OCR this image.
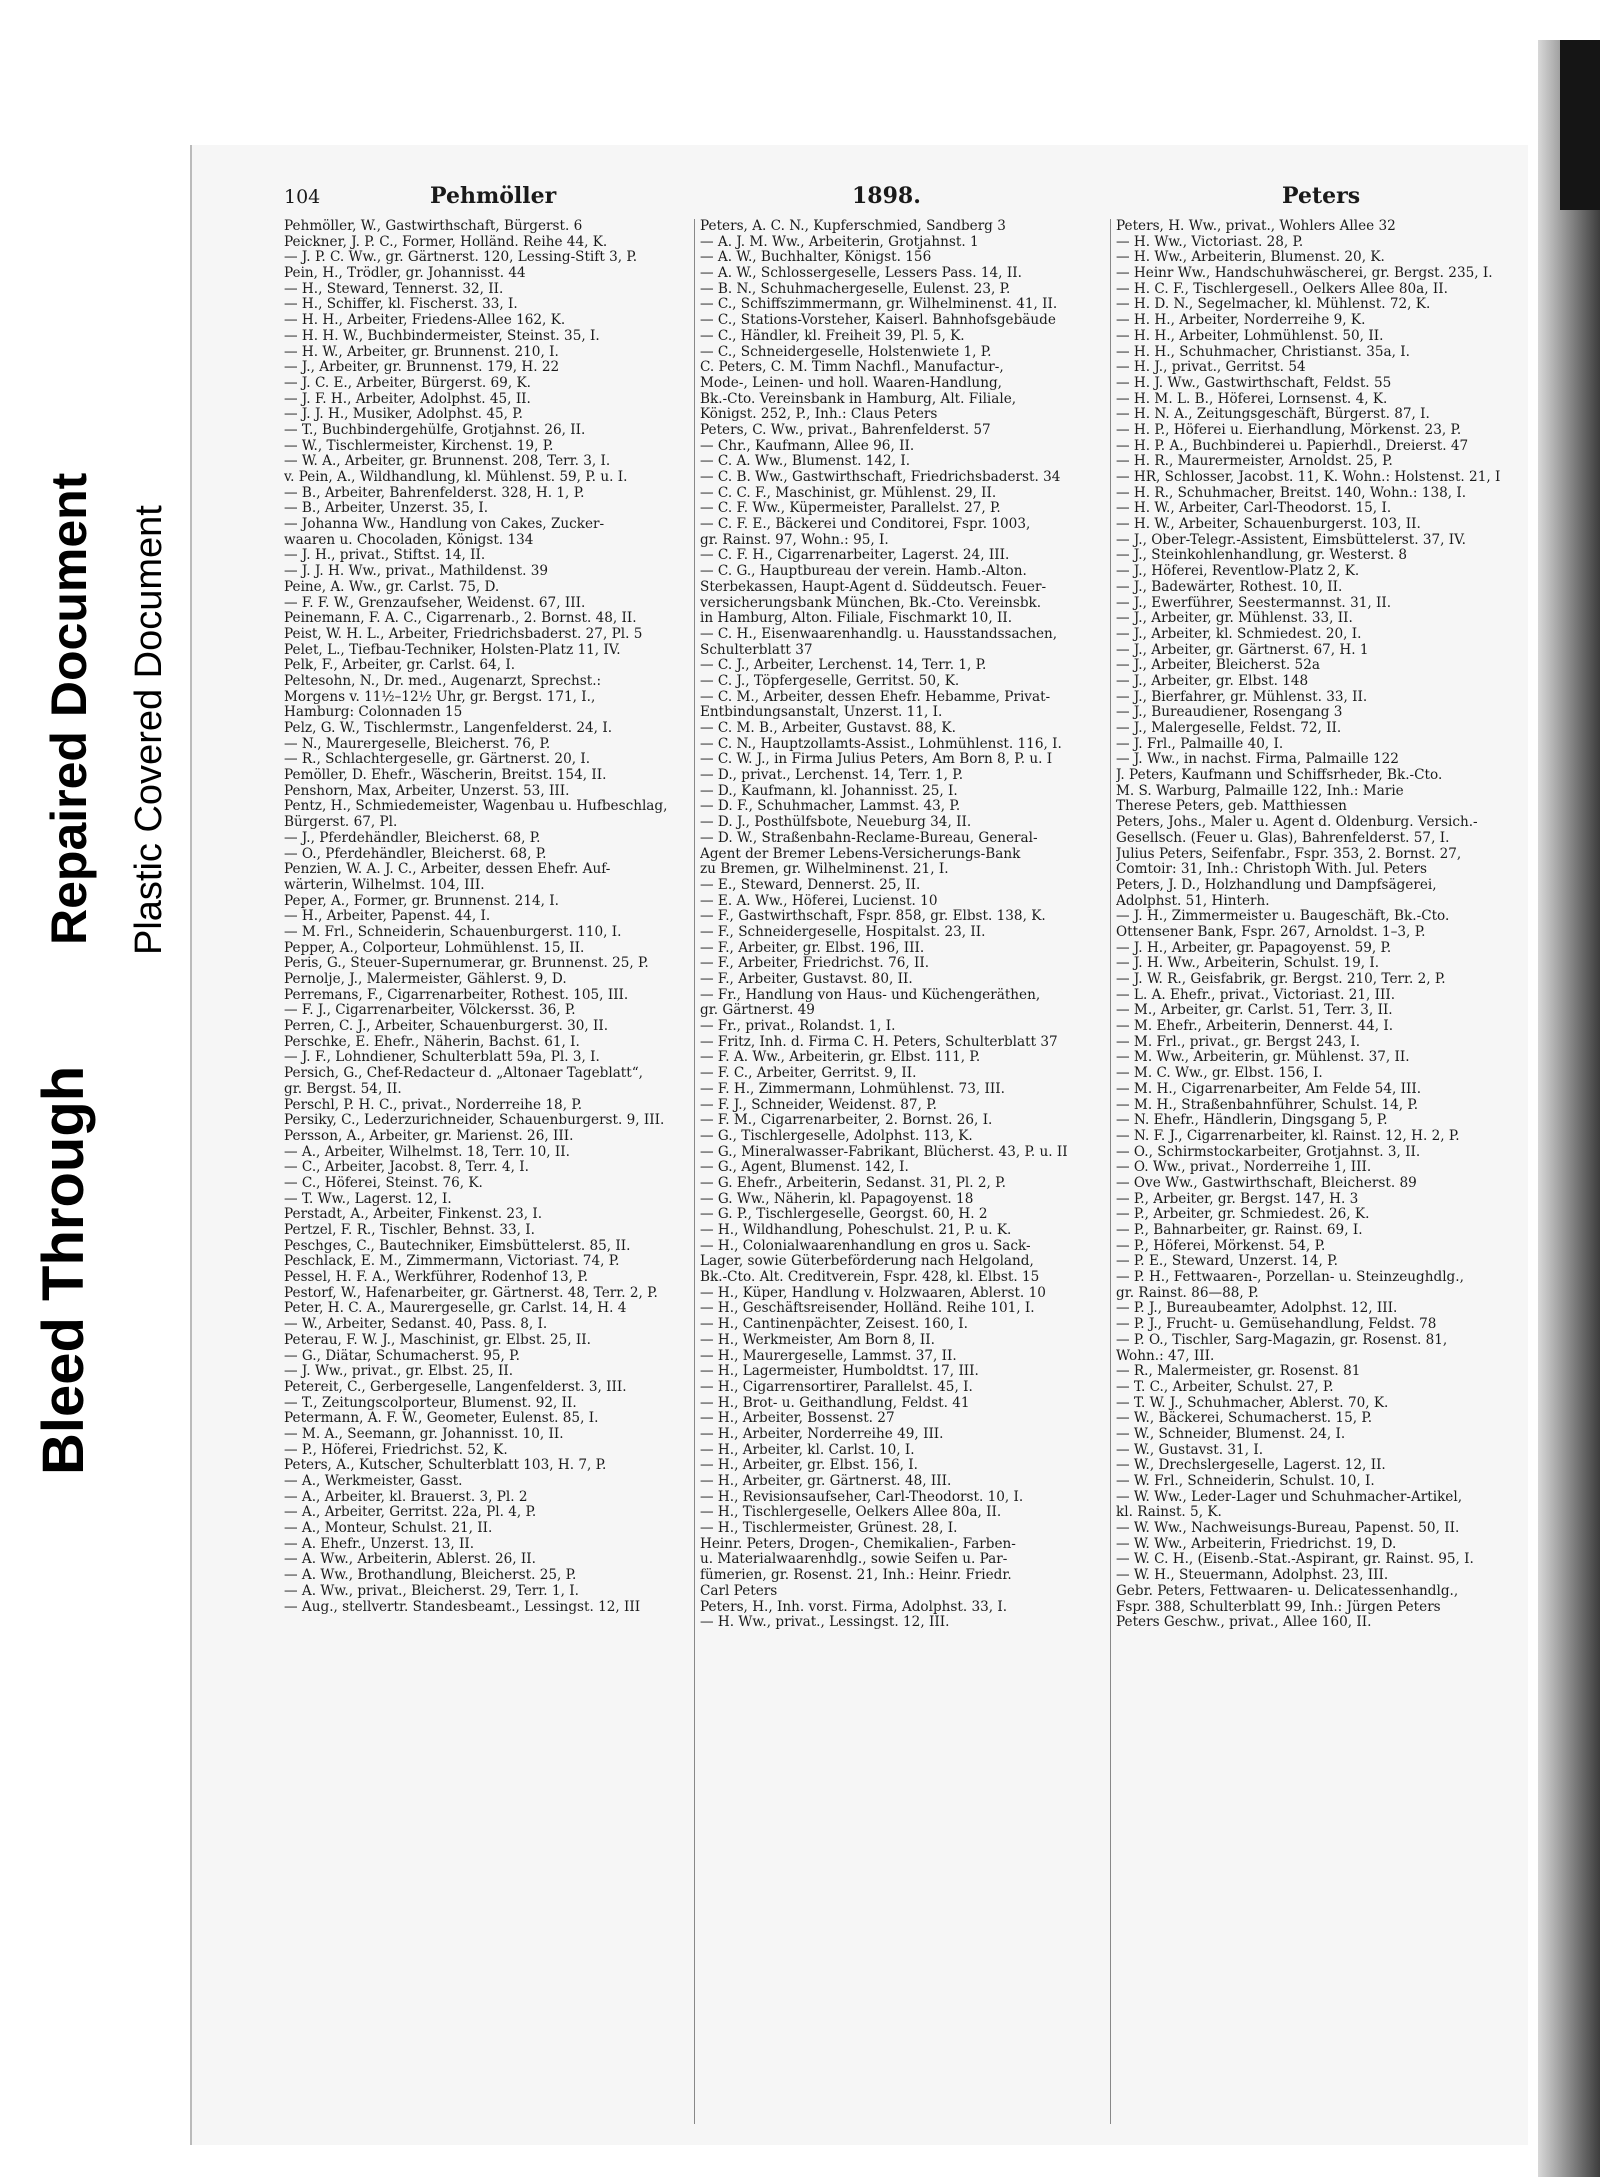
Bleed Through
Repaired Document Plastic Covered Document
104	Pehmöller	1898.	Peters
Pehmöller, W., Gastwirthschaft, Bürgerst. 6
Peickner, J. P. C., Former, Holländ. Reihe 44, K.
— J. P. C. Ww., gr. Gärtnerst. 120, Lessing-Stift 3, P.
Pein, H., Trödler, gr. Johannisst. 44
— H., Steward, Tennerst. 32, II.
— H., Schiffer, kl. Fischerst. 33, I.
— H. H., Arbeiter, Friedens-Allee 162, K.
— H. H. W., Buchbindermeister, Steinst. 35, I.
— H. W., Arbeiter, gr. Brunnenst. 210, I.
— J., Arbeiter, gr. Brunnenst. 179, H. 22
— J. C. E., Arbeiter, Bürgerst. 69, K.
— J. F. H., Arbeiter, Adolphst. 45, II.
— J. J. H., Musiker, Adolphst. 45, P.
— T., Buchbindergehülfe, Grotjahnst. 26, II.
— W., Tischlermeister, Kirchenst. 19, P.
— W. A., Arbeiter, gr. Brunnenst. 208, Terr. 3, I.
v. Pein, A., Wildhandlung, kl. Mühlenst. 59, P. u. I.
— B., Arbeiter, Bahrenfelderst. 328, H. 1, P.
— B., Arbeiter, Unzerst. 35, I.
— Johanna Ww., Handlung von Cakes, Zucker-
waaren u. Chocoladen, Königst. 134
— J. H., privat., Stiftst. 14, II.
— J. J. H. Ww., privat., Mathildenst. 39
Peine, A. Ww., gr. Carlst. 75, D.
— F. F. W., Grenzaufseher, Weidenst. 67, III.
Peinemann, F. A. C., Cigarrenarb., 2. Bornst. 48, II.
Peist, W. H. L., Arbeiter, Friedrichsbaderst. 27, Pl. 5
Pelet, L., Tiefbau-Techniker, Holsten-Platz 11, IV.
Pelk, F., Arbeiter, gr. Carlst. 64, I.
Peltesohn, N., Dr. med., Augenarzt, Sprechst.:
Morgens v. 11½–12½ Uhr, gr. Bergst. 171, I.,
Hamburg: Colonnaden 15
Pelz, G. W., Tischlermstr., Langenfelderst. 24, I.
— N., Maurergeselle, Bleicherst. 76, P.
— R., Schlachtergeselle, gr. Gärtnerst. 20, I.
Pemöller, D. Ehefr., Wäscherin, Breitst. 154, II.
Penshorn, Max, Arbeiter, Unzerst. 53, III.
Pentz, H., Schmiedemeister, Wagenbau u. Hufbeschlag,
Bürgerst. 67, Pl.
— J., Pferdehändler, Bleicherst. 68, P.
— O., Pferdehändler, Bleicherst. 68, P.
Penzien, W. A. J. C., Arbeiter, dessen Ehefr. Auf-
wärterin, Wilhelmst. 104, III.
Peper, A., Former, gr. Brunnenst. 214, I.
— H., Arbeiter, Papenst. 44, I.
— M. Frl., Schneiderin, Schauenburgerst. 110, I.
Pepper, A., Colporteur, Lohmühlenst. 15, II.
Peris, G., Steuer-Supernumerar, gr. Brunnenst. 25, P.
Pernolje, J., Malermeister, Gählerst. 9, D.
Perremans, F., Cigarrenarbeiter, Rothest. 105, III.
— F. J., Cigarrenarbeiter, Völckersst. 36, P.
Perren, C. J., Arbeiter, Schauenburgerst. 30, II.
Perschke, E. Ehefr., Näherin, Bachst. 61, I.
— J. F., Lohndiener, Schulterblatt 59a, Pl. 3, I.
Persich, G., Chef-Redacteur d. „Altonaer Tageblatt“,
gr. Bergst. 54, II.
Perschl, P. H. C., privat., Norderreihe 18, P.
Persiky, C., Lederzurichneider, Schauenburgerst. 9, III.
Persson, A., Arbeiter, gr. Marienst. 26, III.
— A., Arbeiter, Wilhelmst. 18, Terr. 10, II.
— C., Arbeiter, Jacobst. 8, Terr. 4, I.
— C., Höferei, Steinst. 76, K.
— T. Ww., Lagerst. 12, I.
Perstadt, A., Arbeiter, Finkenst. 23, I.
Pertzel, F. R., Tischler, Behnst. 33, I.
Peschges, C., Bautechniker, Eimsbüttelerst. 85, II.
Peschlack, E. M., Zimmermann, Victoriast. 74, P.
Pessel, H. F. A., Werkführer, Rodenhof 13, P.
Pestorf, W., Hafenarbeiter, gr. Gärtnerst. 48, Terr. 2, P.
Peter, H. C. A., Maurergeselle, gr. Carlst. 14, H. 4
— W., Arbeiter, Sedanst. 40, Pass. 8, I.
Peterau, F. W. J., Maschinist, gr. Elbst. 25, II.
— G., Diätar, Schumacherst. 95, P.
— J. Ww., privat., gr. Elbst. 25, II.
Petereit, C., Gerbergeselle, Langenfelderst. 3, III.
— T., Zeitungscolporteur, Blumenst. 92, II.
Petermann, A. F. W., Geometer, Eulenst. 85, I.
— M. A., Seemann, gr. Johannisst. 10, II.
— P., Höferei, Friedrichst. 52, K.
Peters, A., Kutscher, Schulterblatt 103, H. 7, P.
— A., Werkmeister, Gasst.
— A., Arbeiter, kl. Brauerst. 3, Pl. 2
— A., Arbeiter, Gerritst. 22a, Pl. 4, P.
— A., Monteur, Schulst. 21, II.
— A. Ehefr., Unzerst. 13, II.
— A. Ww., Arbeiterin, Ablerst. 26, II.
— A. Ww., Brothandlung, Bleicherst. 25, P.
— A. Ww., privat., Bleicherst. 29, Terr. 1, I.
— Aug., stellvertr. Standesbeamt., Lessingst. 12, III
Peters, A. C. N., Kupferschmied, Sandberg 3
— A. J. M. Ww., Arbeiterin, Grotjahnst. 1
— A. W., Buchhalter, Königst. 156
— A. W., Schlossergeselle, Lessers Pass. 14, II.
— B. N., Schuhmachergeselle, Eulenst. 23, P.
— C., Schiffszimmermann, gr. Wilhelminenst. 41, II.
— C., Stations-Vorsteher, Kaiserl. Bahnhofsgebäude
— C., Händler, kl. Freiheit 39, Pl. 5, K.
— C., Schneidergeselle, Holstenwiete 1, P.
C. Peters, C. M. Timm Nachfl., Manufactur-,
Mode-, Leinen- und holl. Waaren-Handlung,
Bk.-Cto. Vereinsbank in Hamburg, Alt. Filiale,
Königst. 252, P., Inh.: Claus Peters
Peters, C. Ww., privat., Bahrenfelderst. 57
— Chr., Kaufmann, Allee 96, II.
— C. A. Ww., Blumenst. 142, I.
— C. B. Ww., Gastwirthschaft, Friedrichsbaderst. 34
— C. C. F., Maschinist, gr. Mühlenst. 29, II.
— C. F. Ww., Küpermeister, Parallelst. 27, P.
— C. F. E., Bäckerei und Conditorei, Fspr. 1003,
gr. Rainst. 97, Wohn.: 95, I.
— C. F. H., Cigarrenarbeiter, Lagerst. 24, III.
— C. G., Hauptbureau der verein. Hamb.-Alton.
Sterbekassen, Haupt-Agent d. Süddeutsch. Feuer-
versicherungsbank München, Bk.-Cto. Vereinsbk.
in Hamburg, Alton. Filiale, Fischmarkt 10, II.
— C. H., Eisenwaarenhandlg. u. Hausstandssachen,
Schulterblatt 37
— C. J., Arbeiter, Lerchenst. 14, Terr. 1, P.
— C. J., Töpfergeselle, Gerritst. 50, K.
— C. M., Arbeiter, dessen Ehefr. Hebamme, Privat-
Entbindungsanstalt, Unzerst. 11, I.
— C. M. B., Arbeiter, Gustavst. 88, K.
— C. N., Hauptzollamts-Assist., Lohmühlenst. 116, I.
— C. W. J., in Firma Julius Peters, Am Born 8, P. u. I
— D., privat., Lerchenst. 14, Terr. 1, P.
— D., Kaufmann, kl. Johannisst. 25, I.
— D. F., Schuhmacher, Lammst. 43, P.
— D. J., Posthülfsbote, Neueburg 34, II.
— D. W., Straßenbahn-Reclame-Bureau, General-
Agent der Bremer Lebens-Versicherungs-Bank
zu Bremen, gr. Wilhelminenst. 21, I.
— E., Steward, Dennerst. 25, II.
— E. A. Ww., Höferei, Lucienst. 10
— F., Gastwirthschaft, Fspr. 858, gr. Elbst. 138, K.
— F., Schneidergeselle, Hospitalst. 23, II.
— F., Arbeiter, gr. Elbst. 196, III.
— F., Arbeiter, Friedrichst. 76, II.
— F., Arbeiter, Gustavst. 80, II.
— Fr., Handlung von Haus- und Küchengeräthen,
gr. Gärtnerst. 49
— Fr., privat., Rolandst. 1, I.
— Fritz, Inh. d. Firma C. H. Peters, Schulterblatt 37
— F. A. Ww., Arbeiterin, gr. Elbst. 111, P.
— F. C., Arbeiter, Gerritst. 9, II.
— F. H., Zimmermann, Lohmühlenst. 73, III.
— F. J., Schneider, Weidenst. 87, P.
— F. M., Cigarrenarbeiter, 2. Bornst. 26, I.
— G., Tischlergeselle, Adolphst. 113, K.
— G., Mineralwasser-Fabrikant, Blücherst. 43, P. u. II
— G., Agent, Blumenst. 142, I.
— G. Ehefr., Arbeiterin, Sedanst. 31, Pl. 2, P.
— G. Ww., Näherin, kl. Papagoyenst. 18
— G. P., Tischlergeselle, Georgst. 60, H. 2
— H., Wildhandlung, Poheschulst. 21, P. u. K.
— H., Colonialwaarenhandlung en gros u. Sack-
Lager, sowie Güterbeförderung nach Helgoland,
Bk.-Cto. Alt. Creditverein, Fspr. 428, kl. Elbst. 15
— H., Küper, Handlung v. Holzwaaren, Ablerst. 10
— H., Geschäftsreisender, Holländ. Reihe 101, I.
— H., Cantinenpächter, Zeisest. 160, I.
— H., Werkmeister, Am Born 8, II.
— H., Maurergeselle, Lammst. 37, II.
— H., Lagermeister, Humboldtst. 17, III.
— H., Cigarrensortirer, Parallelst. 45, I.
— H., Brot- u. Geithandlung, Feldst. 41
— H., Arbeiter, Bossenst. 27
— H., Arbeiter, Norderreihe 49, III.
— H., Arbeiter, kl. Carlst. 10, I.
— H., Arbeiter, gr. Elbst. 156, I.
— H., Arbeiter, gr. Gärtnerst. 48, III.
— H., Revisionsaufseher, Carl-Theodorst. 10, I.
— H., Tischlergeselle, Oelkers Allee 80a, II.
— H., Tischlermeister, Grünest. 28, I.
Heinr. Peters, Drogen-, Chemikalien-, Farben-
u. Materialwaarenhdlg., sowie Seifen u. Par-
fümerien, gr. Rosenst. 21, Inh.: Heinr. Friedr.
Carl Peters
Peters, H., Inh. vorst. Firma, Adolphst. 33, I.
— H. Ww., privat., Lessingst. 12, III.
Peters, H. Ww., privat., Wohlers Allee 32
— H. Ww., Victoriast. 28, P.
— H. Ww., Arbeiterin, Blumenst. 20, K.
— Heinr Ww., Handschuhwäscherei, gr. Bergst. 235, I.
— H. C. F., Tischlergesell., Oelkers Allee 80a, II.
— H. D. N., Segelmacher, kl. Mühlenst. 72, K.
— H. H., Arbeiter, Norderreihe 9, K.
— H. H., Arbeiter, Lohmühlenst. 50, II.
— H. H., Schuhmacher, Christianst. 35a, I.
— H. J., privat., Gerritst. 54
— H. J. Ww., Gastwirthschaft, Feldst. 55
— H. M. L. B., Höferei, Lornsenst. 4, K.
— H. N. A., Zeitungsgeschäft, Bürgerst. 87, I.
— H. P., Höferei u. Eierhandlung, Mörkenst. 23, P.
— H. P. A., Buchbinderei u. Papierhdl., Dreierst. 47
— H. R., Maurermeister, Arnoldst. 25, P.
— HR, Schlosser, Jacobst. 11, K. Wohn.: Holstenst. 21, I
— H. R., Schuhmacher, Breitst. 140, Wohn.: 138, I.
— H. W., Arbeiter, Carl-Theodorst. 15, I.
— H. W., Arbeiter, Schauenburgerst. 103, II.
— J., Ober-Telegr.-Assistent, Eimsbüttelerst. 37, IV.
— J., Steinkohlenhandlung, gr. Westerst. 8
— J., Höferei, Reventlow-Platz 2, K.
— J., Badewärter, Rothest. 10, II.
— J., Ewerführer, Seestermannst. 31, II.
— J., Arbeiter, gr. Mühlenst. 33, II.
— J., Arbeiter, kl. Schmiedest. 20, I.
— J., Arbeiter, gr. Gärtnerst. 67, H. 1
— J., Arbeiter, Bleicherst. 52a
— J., Arbeiter, gr. Elbst. 148
— J., Bierfahrer, gr. Mühlenst. 33, II.
— J., Bureaudiener, Rosengang 3
— J., Malergeselle, Feldst. 72, II.
— J. Frl., Palmaille 40, I.
— J. Ww., in nachst. Firma, Palmaille 122
J. Peters, Kaufmann und Schiffsrheder, Bk.-Cto.
M. S. Warburg, Palmaille 122, Inh.: Marie
Therese Peters, geb. Matthiessen
Peters, Johs., Maler u. Agent d. Oldenburg. Versich.-
Gesellsch. (Feuer u. Glas), Bahrenfelderst. 57, I.
Julius Peters, Seifenfabr., Fspr. 353, 2. Bornst. 27,
Comtoir: 31, Inh.: Christoph With. Jul. Peters
Peters, J. D., Holzhandlung und Dampfsägerei,
Adolphst. 51, Hinterh.
— J. H., Zimmermeister u. Baugeschäft, Bk.-Cto.
Ottensener Bank, Fspr. 267, Arnoldst. 1–3, P.
— J. H., Arbeiter, gr. Papagoyenst. 59, P.
— J. H. Ww., Arbeiterin, Schulst. 19, I.
— J. W. R., Geisfabrik, gr. Bergst. 210, Terr. 2, P.
— L. A. Ehefr., privat., Victoriast. 21, III.
— M., Arbeiter, gr. Carlst. 51, Terr. 3, II.
— M. Ehefr., Arbeiterin, Dennerst. 44, I.
— M. Frl., privat., gr. Bergst 243, I.
— M. Ww., Arbeiterin, gr. Mühlenst. 37, II.
— M. C. Ww., gr. Elbst. 156, I.
— M. H., Cigarrenarbeiter, Am Felde 54, III.
— M. H., Straßenbahnführer, Schulst. 14, P.
— N. Ehefr., Händlerin, Dingsgang 5, P.
— N. F. J., Cigarrenarbeiter, kl. Rainst. 12, H. 2, P.
— O., Schirmstockarbeiter, Grotjahnst. 3, II.
— O. Ww., privat., Norderreihe 1, III.
— Ove Ww., Gastwirthschaft, Bleicherst. 89
— P., Arbeiter, gr. Bergst. 147, H. 3
— P., Arbeiter, gr. Schmiedest. 26, K.
— P., Bahnarbeiter, gr. Rainst. 69, I.
— P., Höferei, Mörkenst. 54, P.
— P. E., Steward, Unzerst. 14, P.
— P. H., Fettwaaren-, Porzellan- u. Steinzeughdlg.,
gr. Rainst. 86—88, P.
— P. J., Bureaubeamter, Adolphst. 12, III.
— P. J., Frucht- u. Gemüsehandlung, Feldst. 78
— P. O., Tischler, Sarg-Magazin, gr. Rosenst. 81,
Wohn.: 47, III.
— R., Malermeister, gr. Rosenst. 81
— T. C., Arbeiter, Schulst. 27, P.
— T. W. J., Schuhmacher, Ablerst. 70, K.
— W., Bäckerei, Schumacherst. 15, P.
— W., Schneider, Blumenst. 24, I.
— W., Gustavst. 31, I.
— W., Drechslergeselle, Lagerst. 12, II.
— W. Frl., Schneiderin, Schulst. 10, I.
— W. Ww., Leder-Lager und Schuhmacher-Artikel,
kl. Rainst. 5, K.
— W. Ww., Nachweisungs-Bureau, Papenst. 50, II.
— W. Ww., Arbeiterin, Friedrichst. 19, D.
— W. C. H., (Eisenb.-Stat.-Aspirant, gr. Rainst. 95, I.
— W. H., Steuermann, Adolphst. 23, III.
Gebr. Peters, Fettwaaren- u. Delicatessenhandlg.,
Fspr. 388, Schulterblatt 99, Inh.: Jürgen Peters
Peters Geschw., privat., Allee 160, II.
